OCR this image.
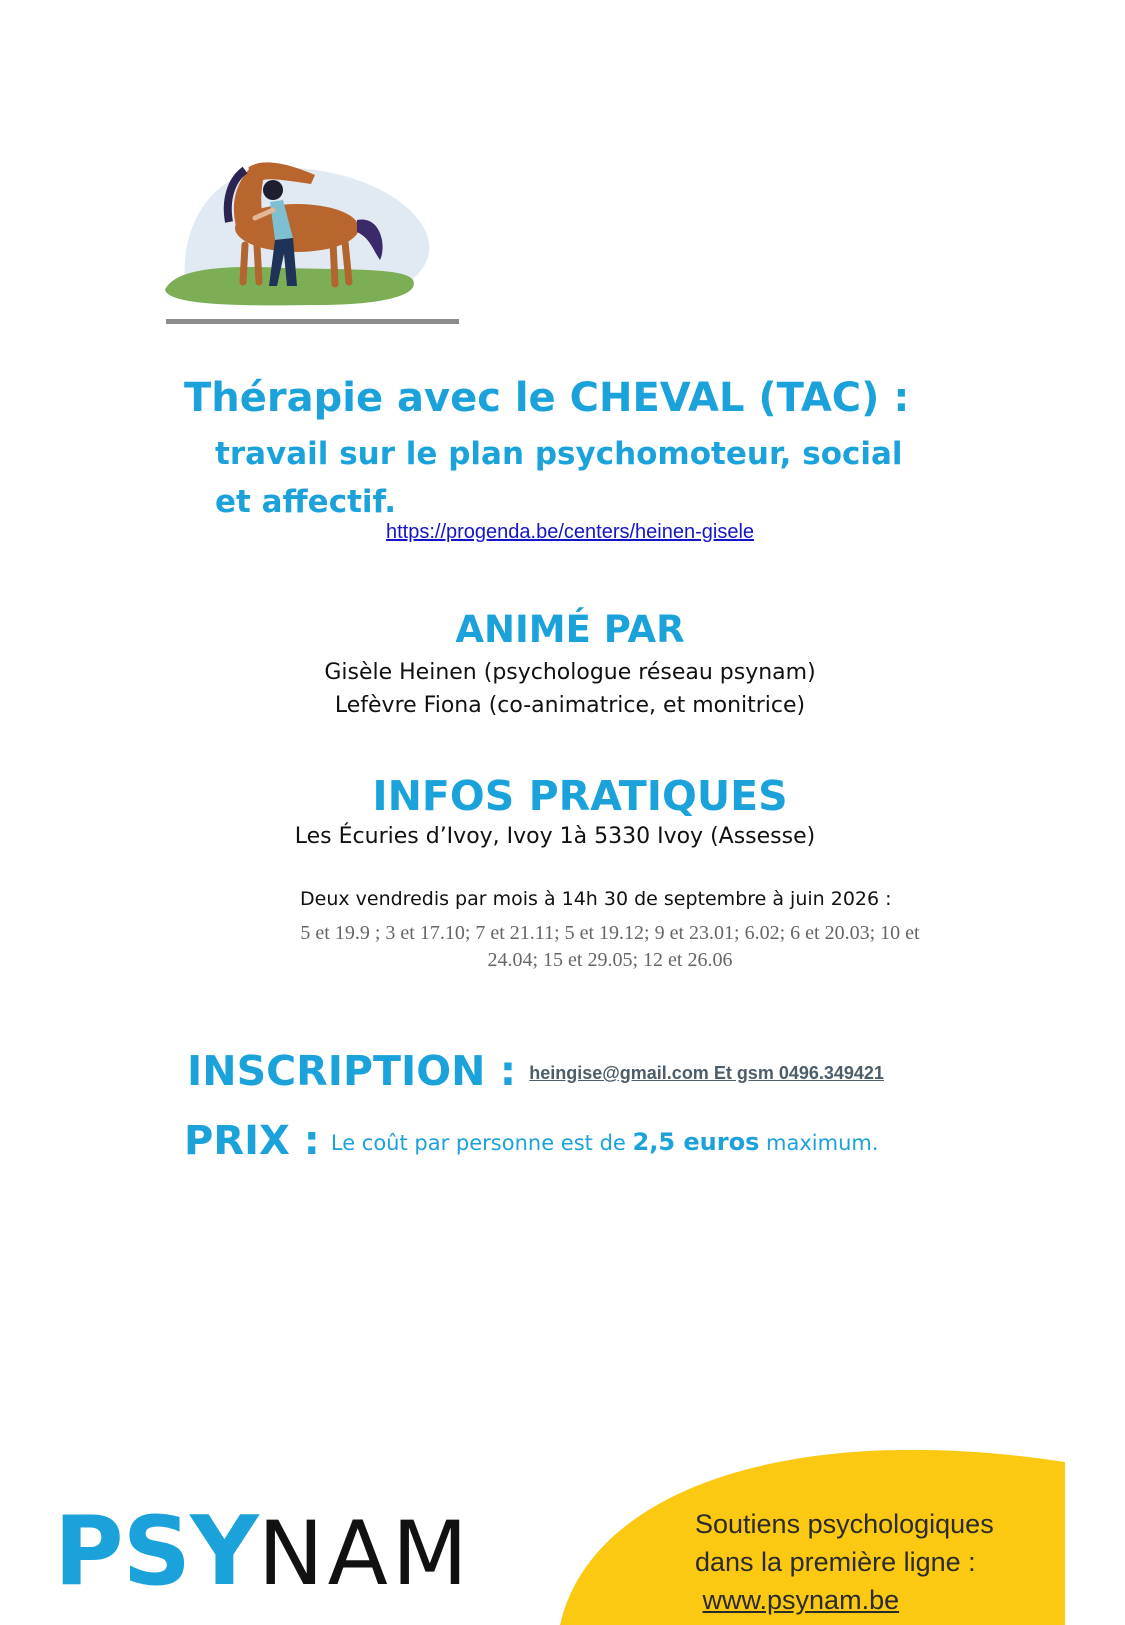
Thérapie avec le CHEVAL (TAC) :
travail sur le plan psychomoteur, social et affectif.
https://progenda.be/centers/heinen-gisele
ANIMÉ PAR
Gisèle Heinen (psychologue réseau psynam)
Lefèvre Fiona (co-animatrice, et monitrice)
INFOS PRATIQUES
Les Écuries d’Ivoy, Ivoy 1à 5330 Ivoy (Assesse)
Deux vendredis par mois à 14h 30 de septembre à juin 2026 :
5 et 19.9 ; 3 et 17.10; 7 et 21.11; 5 et 19.12; 9 et 23.01; 6.02; 6 et 20.03; 10 et 24.04; 15 et 29.05; 12 et 26.06
INSCRIPTION : heingise@gmail.com Et gsm 0496.349421
PRIX : Le coût par personne est de 2,5 euros maximum.
PSYNAM	Soutiens psychologiques
dans la première ligne :
www.psynam.be
